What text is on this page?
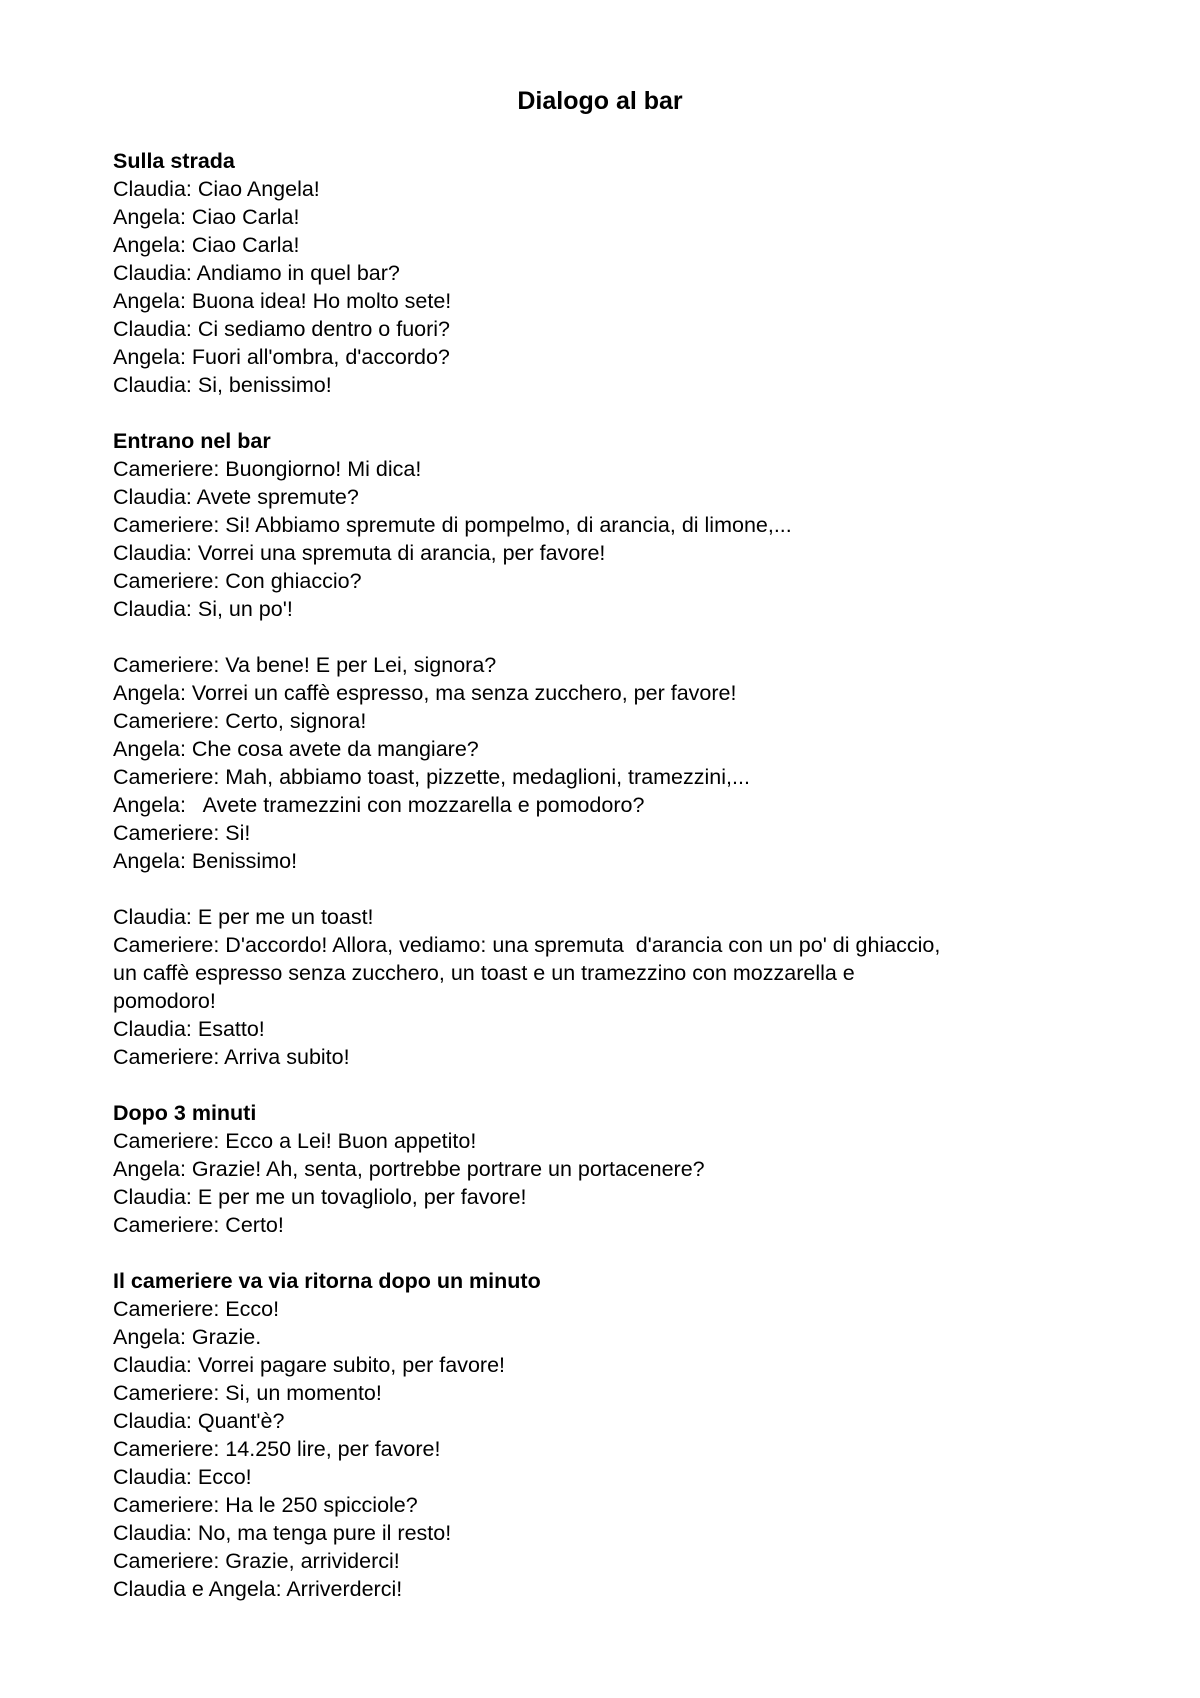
Dialogo al bar
Sulla strada
Claudia: Ciao Angela!
Angela: Ciao Carla!
Angela: Ciao Carla!
Claudia: Andiamo in quel bar?
Angela: Buona idea! Ho molto sete!
Claudia: Ci sediamo dentro o fuori?
Angela: Fuori all'ombra, d'accordo?
Claudia: Si, benissimo!
Entrano nel bar
Cameriere: Buongiorno! Mi dica!
Claudia: Avete spremute?
Cameriere: Si! Abbiamo spremute di pompelmo, di arancia, di limone,...
Claudia: Vorrei una spremuta di arancia, per favore!
Cameriere: Con ghiaccio?
Claudia: Si, un po'!
Cameriere: Va bene! E per Lei, signora?
Angela: Vorrei un caffè espresso, ma senza zucchero, per favore!
Cameriere: Certo, signora!
Angela: Che cosa avete da mangiare?
Cameriere: Mah, abbiamo toast, pizzette, medaglioni, tramezzini,...
Angela:   Avete tramezzini con mozzarella e pomodoro?
Cameriere: Si!
Angela: Benissimo!
Claudia: E per me un toast!
Cameriere: D'accordo! Allora, vediamo: una spremuta  d'arancia con un po' di ghiaccio,
un caffè espresso senza zucchero, un toast e un tramezzino con mozzarella e
pomodoro!
Claudia: Esatto!
Cameriere: Arriva subito!
Dopo 3 minuti
Cameriere: Ecco a Lei! Buon appetito!
Angela: Grazie! Ah, senta, portrebbe portrare un portacenere?
Claudia: E per me un tovagliolo, per favore!
Cameriere: Certo!
Il cameriere va via ritorna dopo un minuto
Cameriere: Ecco!
Angela: Grazie.
Claudia: Vorrei pagare subito, per favore!
Cameriere: Si, un momento!
Claudia: Quant'è?
Cameriere: 14.250 lire, per favore!
Claudia: Ecco!
Cameriere: Ha le 250 spicciole?
Claudia: No, ma tenga pure il resto!
Cameriere: Grazie, arrividerci!
Claudia e Angela: Arriverderci!
